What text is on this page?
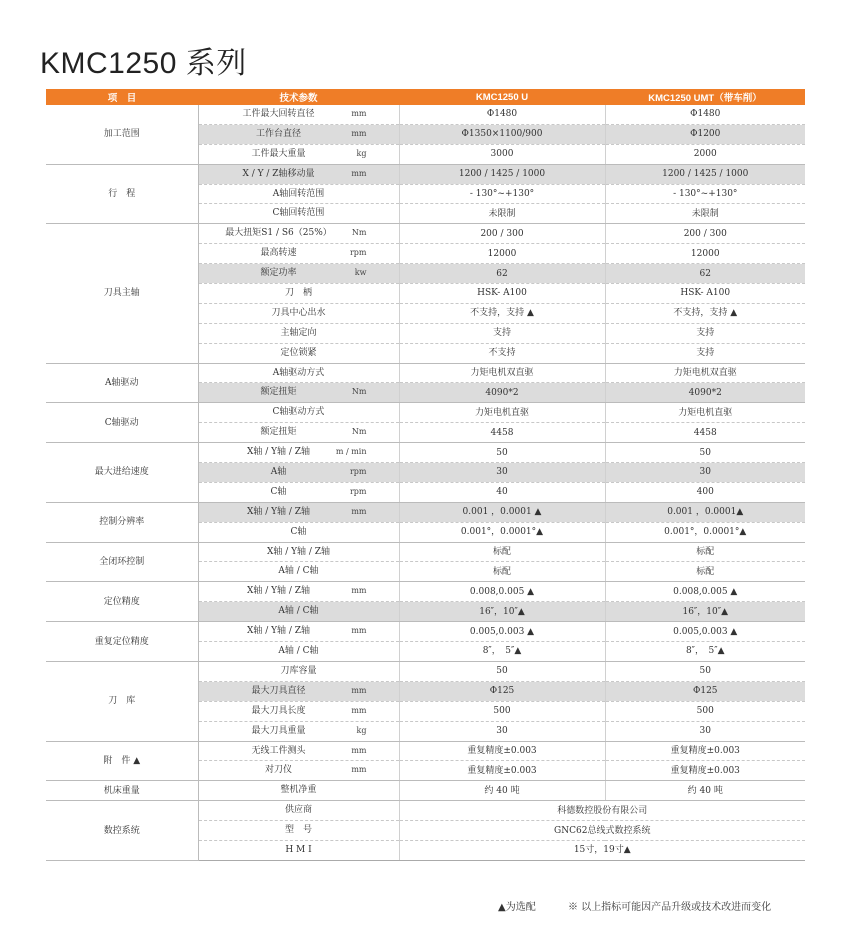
KMC1250 系列
项　目	技术参数	KMC1250 U	KMC1250 UMT（带车削）
加工范围	工件最大回转直径 mm	Φ1480	Φ1480

	工作台直径 mm	Φ1350×1100/900	Φ1200

	工件最大重量 kg	3000	2000
行　程	X / Y / Z轴移动量 mm	1200 / 1425 / 1000	1200 / 1425 / 1000

	A轴回转范围	- 130°~+130°	- 130°~+130°

	C轴回转范围	未限制	未限制
刀具主轴	最大扭矩S1 / S6（25%） Nm	200 / 300	200 / 300

	最高转速 rpm	12000	12000

	额定功率 kw	62	62

	刀　柄	HSK- A100	HSK- A100

	刀具中心出水	不支持，支持 ▲	不支持，支持 ▲

	主轴定向	支持	支持

	定位锁紧	不支持	支持
A轴驱动	A轴驱动方式	力矩电机双直驱	力矩电机双直驱

	额定扭矩 Nm	4090*2	4090*2
C轴驱动	C轴驱动方式	力矩电机直驱	力矩电机直驱

	额定扭矩 Nm	4458	4458
最大进给速度	X轴 / Y轴 / Z轴 m / min	50	50

	A轴 rpm	30	30

	C轴 rpm	40	400
控制分辨率	X轴 / Y轴 / Z轴 mm	0.001 ，0.0001 ▲	0.001 ，0.0001▲

	C轴	0.001°，0.0001°▲	0.001°，0.0001°▲
全闭环控制	X轴 / Y轴 / Z轴	标配	标配

	A轴 / C轴	标配	标配
定位精度	X轴 / Y轴 / Z轴 mm	0.008,0.005 ▲	0.008,0.005 ▲

	A轴 / C轴	16″，10″▲	16″，10″▲
重复定位精度	X轴 / Y轴 / Z轴 mm	0.005,0.003 ▲	0.005,0.003 ▲

	A轴 / C轴	8″，　5″▲	8″，　5″▲
刀　库	刀库容量	50	50

	最大刀具直径 mm	Φ125	Φ125

	最大刀具长度 mm	500	500

	最大刀具重量 kg	30	30
附　件 ▲	无线工件测头 mm	重复精度±0.003	重复精度±0.003

	对刀仪 mm	重复精度±0.003	重复精度±0.003
机床重量	整机净重	约 40 吨	约 40 吨
数控系统	供应商	科德数控股份有限公司	

	型　号	GNC62总线式数控系统	

	H M I	15寸，19寸▲	
▲为选配	※ 以上指标可能因产品升级或技术改进而变化
